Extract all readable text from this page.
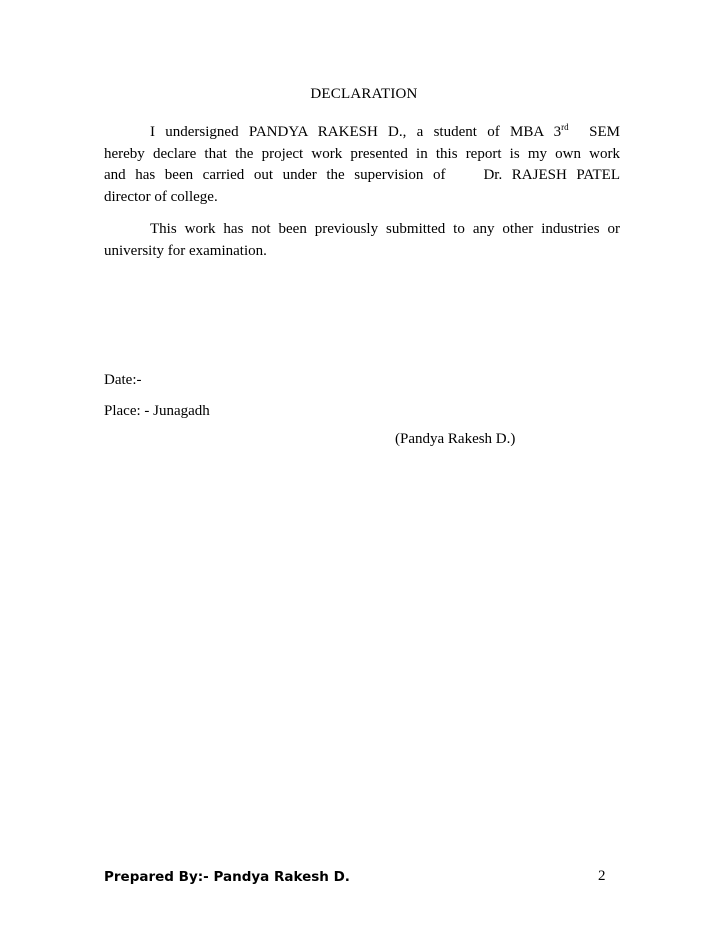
DECLARATION
I undersigned PANDYA RAKESH D., a student of MBA 3rd SEM
hereby declare that the project work presented in this report is my own work
and has been carried out under the supervision of	Dr. RAJESH PATEL
director of college.
This work has not been previously submitted to any other industries or
university for examination.
Date:-
Place: - Junagadh
(Pandya Rakesh D.)
Prepared By:- Pandya Rakesh D.	2
